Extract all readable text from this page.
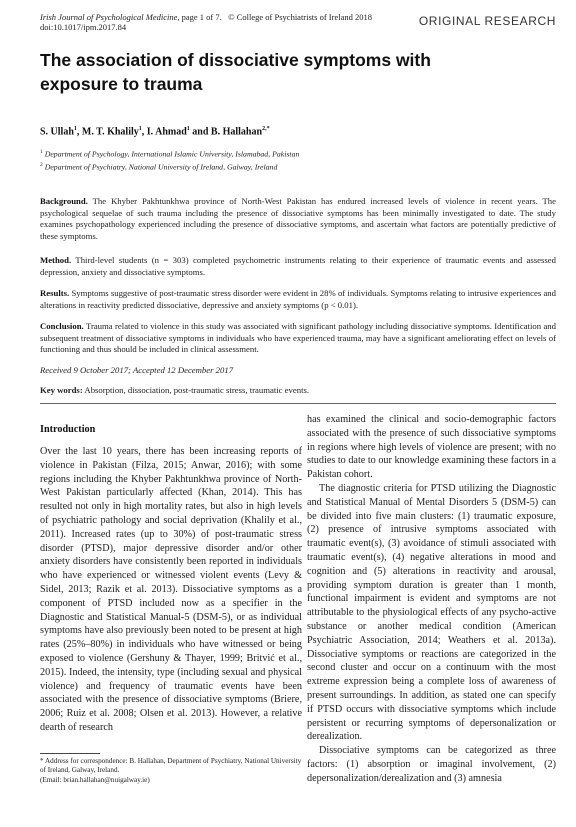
Irish Journal of Psychological Medicine, page 1 of 7. © College of Psychiatrists of Ireland 2018
doi:10.1017/ipm.2017.84	ORIGINAL RESEARCH
The association of dissociative symptoms with exposure to trauma
S. Ullah$^1$, M. T. Khalily$^1$, I. Ahmad$^1$ and B. Hallahan$^{2,*}$
$^1$ Department of Psychology, International Islamic University, Islamabad, Pakistan
$^2$ Department of Psychiatry, National University of Ireland, Galway, Ireland
Background. The Khyber Pakhtunkhwa province of North-West Pakistan has endured increased levels of violence in recent years. The psychological sequelae of such trauma including the presence of dissociative symptoms has been minimally investigated to date. The study examines psychopathology experienced including the presence of dissociative symptoms, and ascertain what factors are potentially predictive of these symptoms.
Method. Third-level students (n = 303) completed psychometric instruments relating to their experience of traumatic events and assessed depression, anxiety and dissociative symptoms.
Results. Symptoms suggestive of post-traumatic stress disorder were evident in 28% of individuals. Symptoms relating to intrusive experiences and alterations in reactivity predicted dissociative, depressive and anxiety symptoms (p < 0.01).
Conclusion. Trauma related to violence in this study was associated with significant pathology including dissociative symptoms. Identification and subsequent treatment of dissociative symptoms in individuals who have experienced trauma, may have a significant ameliorating effect on levels of functioning and thus should be included in clinical assessment.
Received 9 October 2017; Accepted 12 December 2017
Key words: Absorption, dissociation, post-traumatic stress, traumatic events.
Introduction

Over the last 10 years, there has been increasing reports of violence in Pakistan (Filza, 2015; Anwar, 2016); with some regions including the Khyber Pakhtunkhwa province of North-West Pakistan particularly affected (Khan, 2014). This has resulted not only in high mortality rates, but also in high levels of psychiatric pathology and social deprivation (Khalily et al., 2011). Increased rates (up to 30%) of post-traumatic stress disorder (PTSD), major depressive disorder and/or other anxiety disorders have consistently been reported in individuals who have experienced or witnessed violent events (Levy & Sidel, 2013; Razik et al. 2013). Dissociative symptoms as a component of PTSD included now as a specifier in the Diagnostic and Statistical Manual-5 (DSM-5), or as individual symptoms have also previously been noted to be present at high rates (25%–80%) in individuals who have witnessed or being exposed to violence (Gershuny & Thayer, 1999; Britvić et al., 2015). Indeed, the intensity, type (including sexual and physical violence) and frequency of traumatic events have been associated with the presence of dissociative symptoms (Briere, 2006; Ruiz et al. 2008; Olsen et al. 2013). However, a relative dearth of research

has examined the clinical and socio-demographic factors associated with the presence of such dissociative symptoms in regions where high levels of violence are present; with no studies to date to our knowledge examining these factors in a Pakistan cohort.

The diagnostic criteria for PTSD utilizing the Diagnostic and Statistical Manual of Mental Disorders 5 (DSM-5) can be divided into five main clusters: (1) traumatic exposure, (2) presence of intrusive symptoms associated with traumatic event(s), (3) avoidance of stimuli associated with traumatic event(s), (4) negative alterations in mood and cognition and (5) alterations in reactivity and arousal, providing symptom duration is greater than 1 month, functional impairment is evident and symptoms are not attributable to the physiological effects of any psycho-active substance or another medical condition (American Psychiatric Association, 2014; Weathers et al. 2013a). Dissociative symptoms or reactions are categorized in the second cluster and occur on a continuum with the most extreme expression being a complete loss of awareness of present surroundings. In addition, as stated one can specify if PTSD occurs with dissociative symptoms which include persistent or recurring symptoms of depersonalization or derealization.

Dissociative symptoms can be categorized as three factors: (1) absorption or imaginal involvement, (2) depersonalization/derealization and (3) amnesia

* Address for correspondence: B. Hallahan, Department of Psychiatry, National University of Ireland, Galway, Ireland.
(Email: brian.hallahan@nuigalway.ie)
